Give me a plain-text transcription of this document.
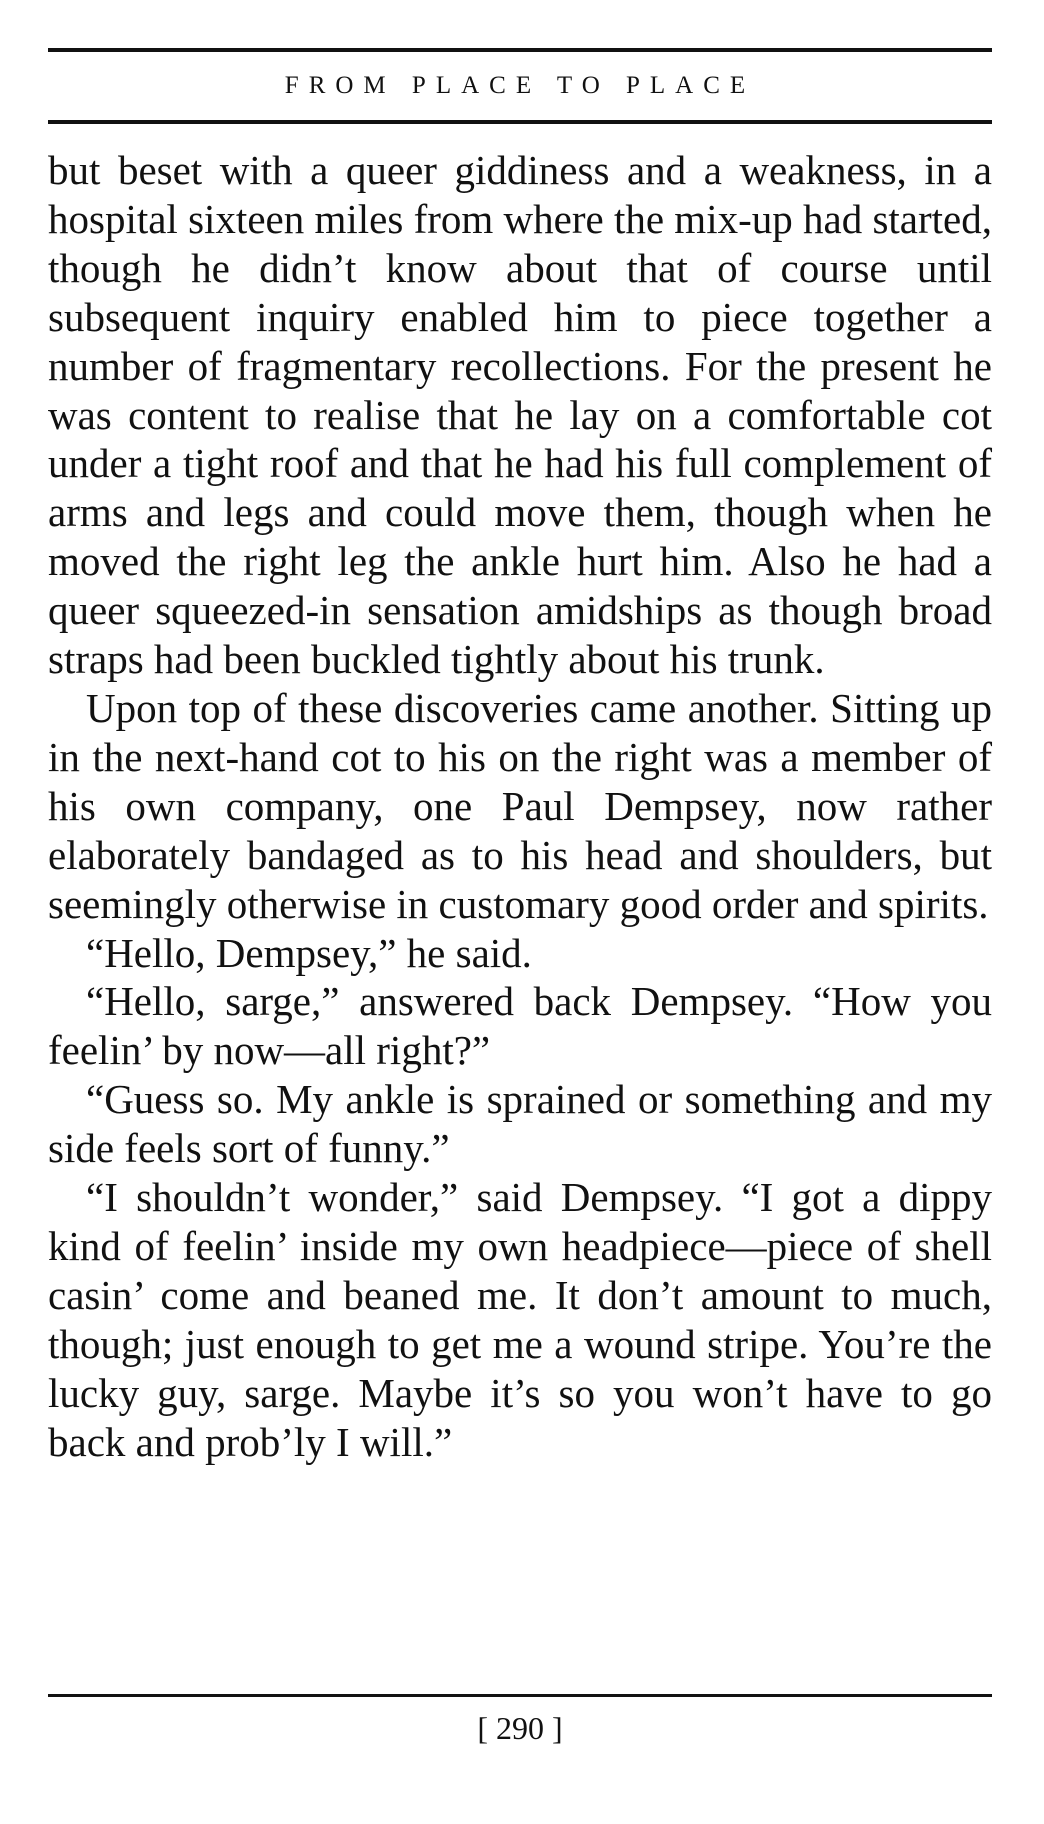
FROM PLACE TO PLACE

but beset with a queer giddiness and a weakness, in a hospital sixteen miles from where the mix-up had started, though he didn’t know about that of course until subsequent inquiry enabled him to piece together a number of fragmentary recollections. For the present he was content to realise that he lay on a comfortable cot under a tight roof and that he had his full complement of arms and legs and could move them, though when he moved the right leg the ankle hurt him. Also he had a queer squeezed-in sensation amidships as though broad straps had been buckled tightly about his trunk.

Upon top of these discoveries came another. Sitting up in the next-hand cot to his on the right was a member of his own company, one Paul Dempsey, now rather elaborately bandaged as to his head and shoulders, but seemingly otherwise in customary good order and spirits.

“Hello, Dempsey,” he said.

“Hello, sarge,” answered back Dempsey. “How you feelin’ by now—all right?”

“Guess so. My ankle is sprained or something and my side feels sort of funny.”

“I shouldn’t wonder,” said Dempsey. “I got a dippy kind of feelin’ inside my own headpiece—piece of shell casin’ come and beaned me. It don’t amount to much, though; just enough to get me a wound stripe. You’re the lucky guy, sarge. Maybe it’s so you won’t have to go back and prob’ly I will.”

[ 290 ]
